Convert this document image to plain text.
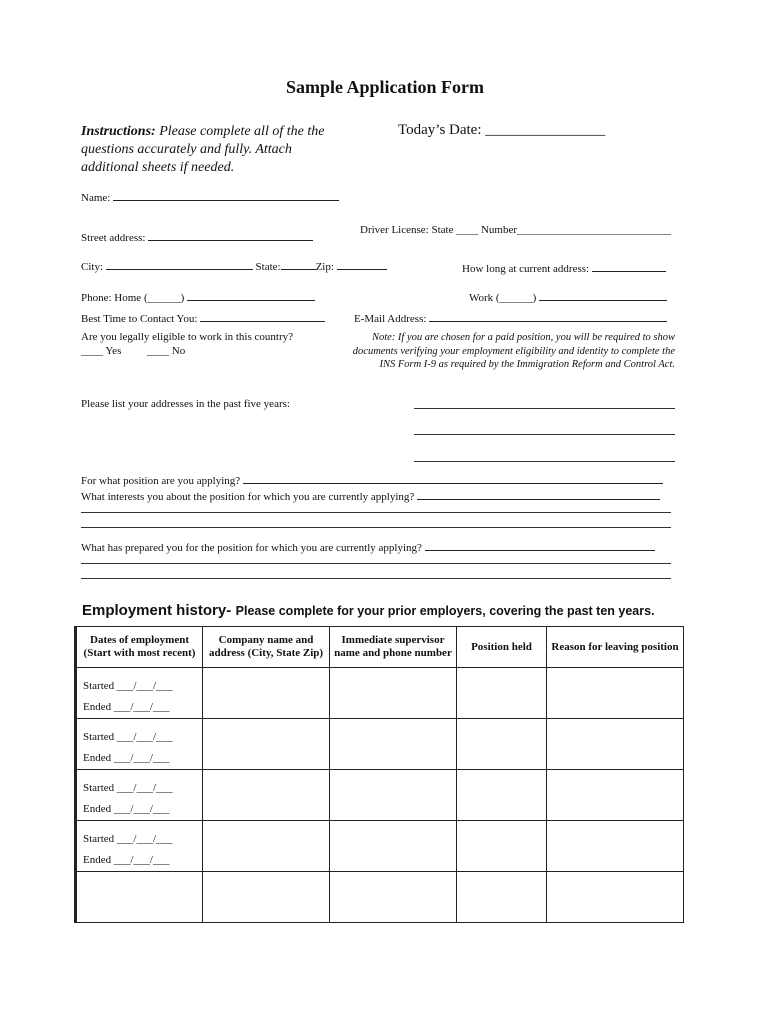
Sample Application Form
Instructions: Please complete all of the the questions accurately and fully. Attach additional sheets if needed.
Today’s Date: ________________
Name:
Driver License: State ____ Number____________________________
Street address:
City:	State:	Zip:	How long at current address:
Phone: Home (______)	Work (______)
Best Time to Contact You:	E-Mail Address:
Are you legally eligible to work in this country?
____ Yes ____ No
Note: If you are chosen for a paid position, you will be required to show documents verifying your employment eligibility and identity to complete the INS Form I-9 as required by the Immigration Reform and Control Act.
Please list your addresses in the past five years:
For what position are you applying?
What interests you about the position for which you are currently applying?
What has prepared you for the position for which you are currently applying?
Employment history- Please complete for your prior employers, covering the past ten years.
Dates of employment (Start with most recent)	Company name and address (City, State Zip)	Immediate supervisor name and phone number	Position held	Reason for leaving position

Started ___/___/___
Ended ___/___/___				

Started ___/___/___
Ended ___/___/___				

Started ___/___/___
Ended ___/___/___				

Started ___/___/___
Ended ___/___/___				
